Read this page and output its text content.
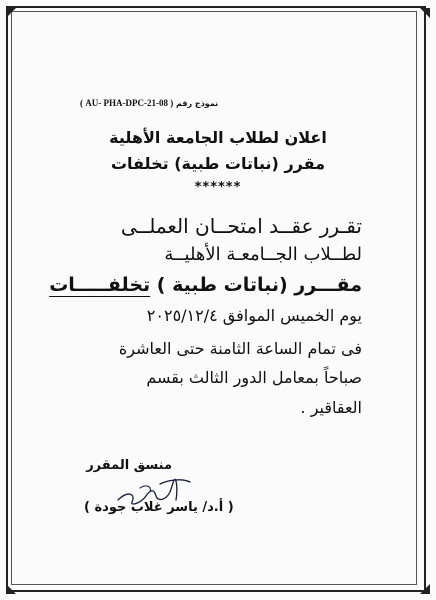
نموذج رقم ( AU- PHA-DPC-21-08 )
اعلان لطلاب الجامعة الأهلية
مقرر (نباتات طبية) تخلفات
******
تقـرر عقــد امتحــان العملــى
لطــلاب الجــامعـة الأهليــة
مقـــرر (نباتات طبية ) تخلفـــــات
يوم الخميس الموافق ٢٠٢٥/١٢/٤
فى تمام الساعة الثامنة حتى العاشرة
صباحاً بمعامل الدور الثالث بقسم
العقاقير .
منسق المقرر
( أ.د/ ياسر غلاب جودة )
